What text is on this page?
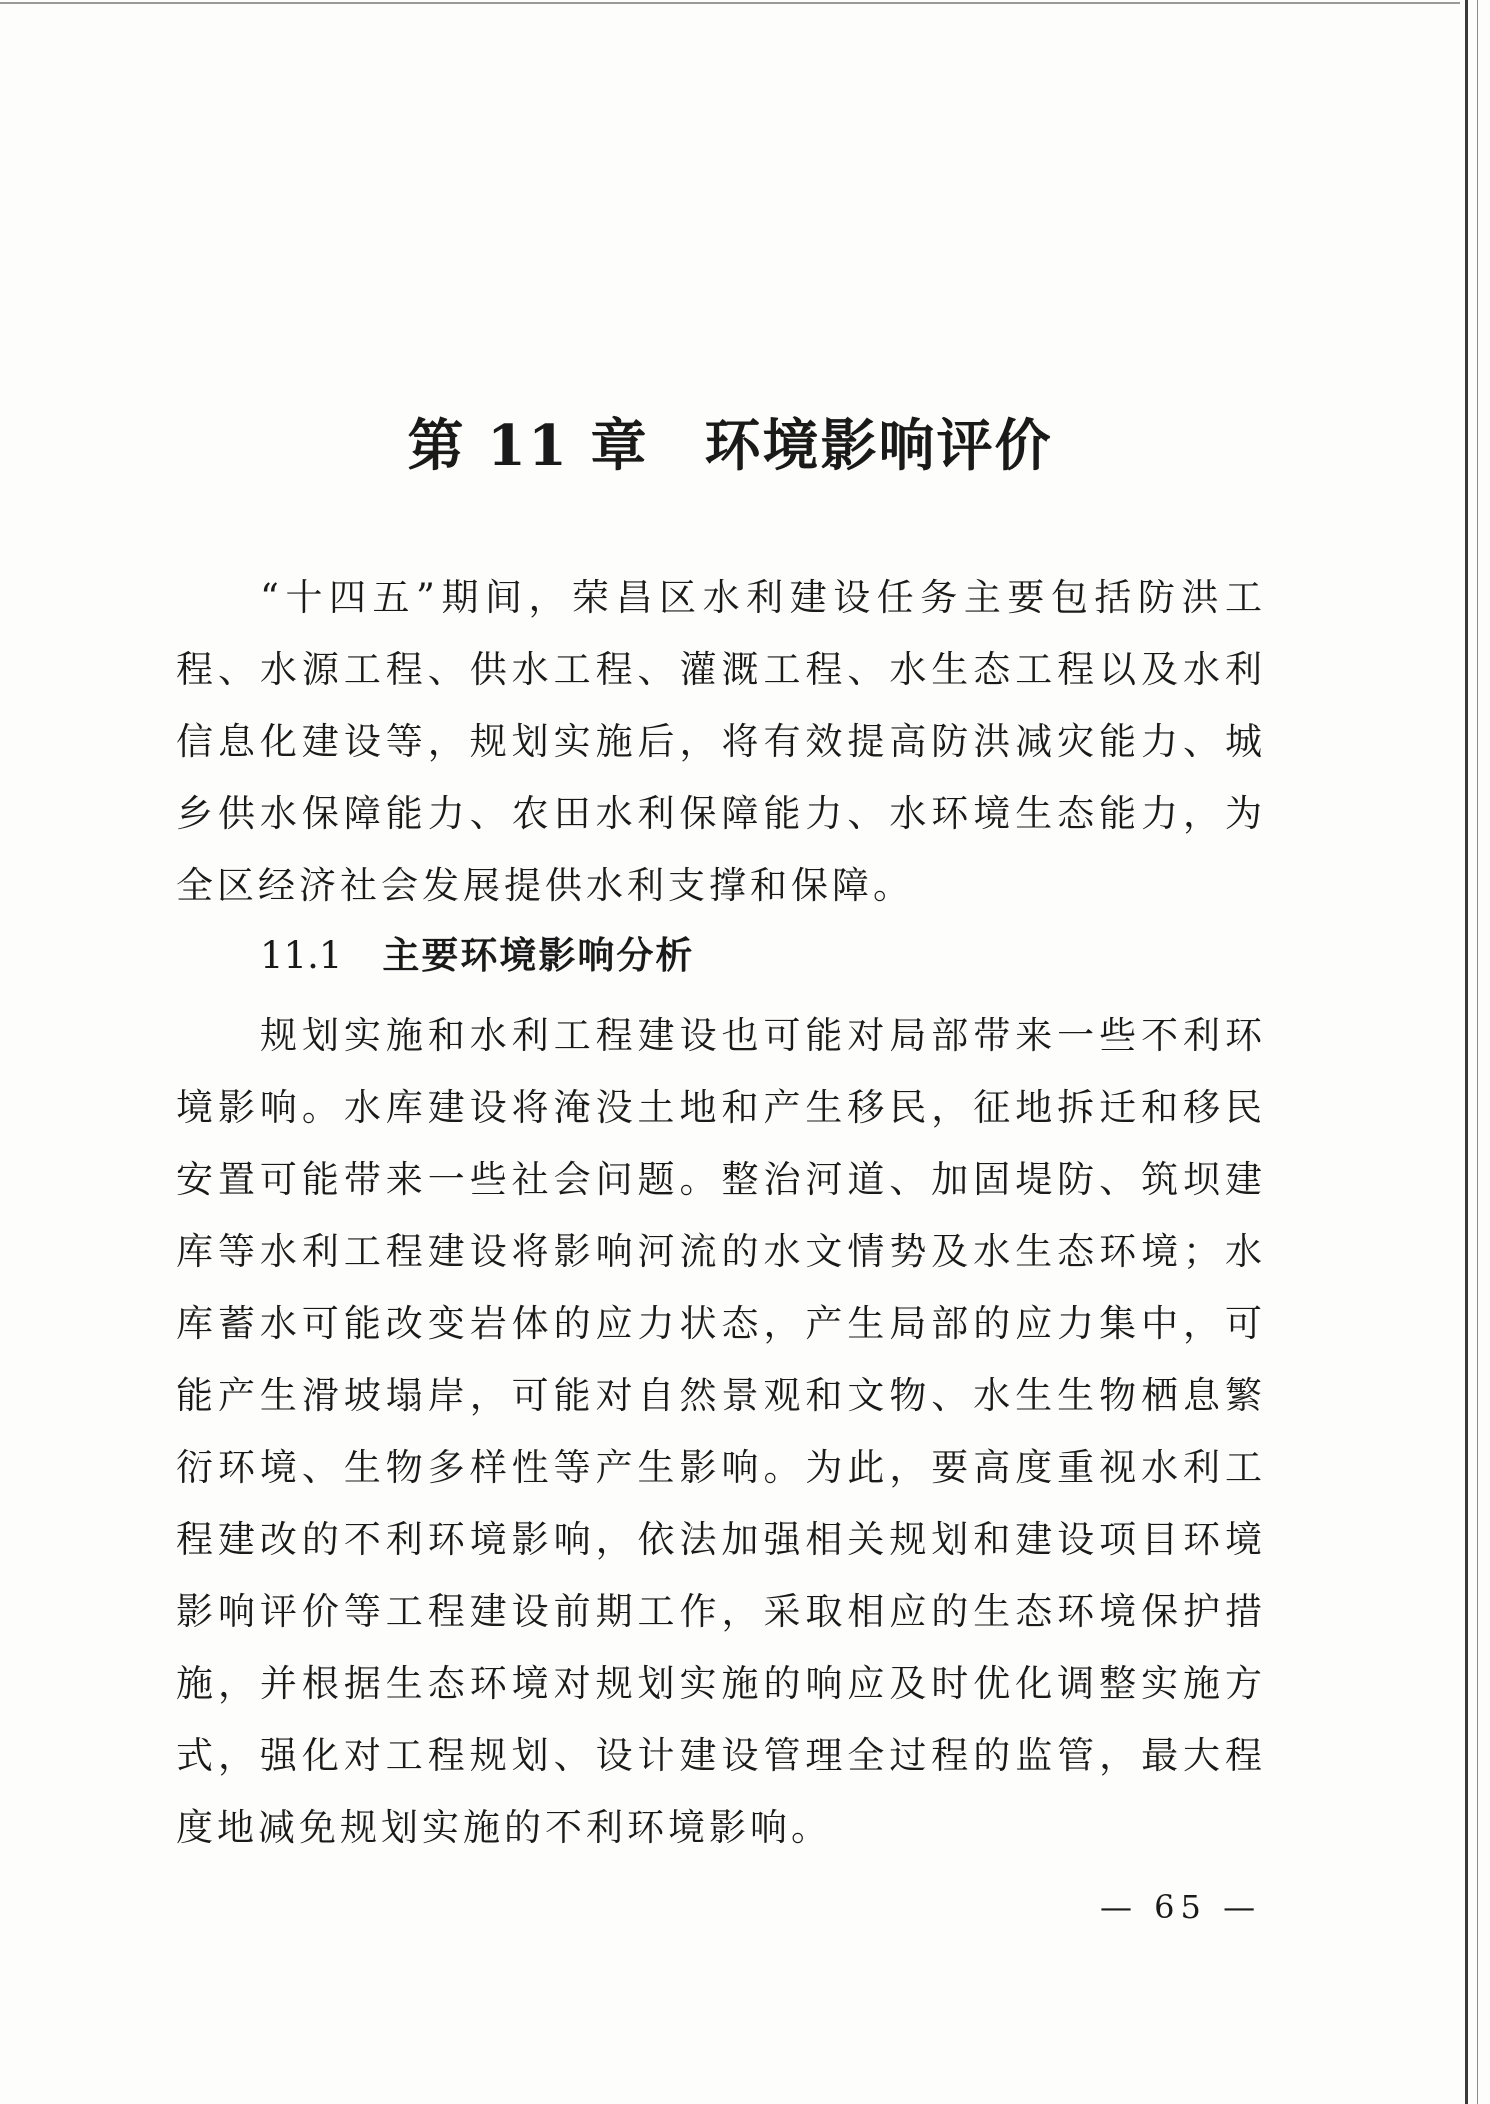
第 11 章 环境影响评价

“十四五”期间，荣昌区水利建设任务主要包括防洪工程、水源工程、供水工程、灌溉工程、水生态工程以及水利信息化建设等，规划实施后，将有效提高防洪减灾能力、城乡供水保障能力、农田水利保障能力、水环境生态能力，为全区经济社会发展提供水利支撑和保障。

11.1 主要环境影响分析

规划实施和水利工程建设也可能对局部带来一些不利环境影响。水库建设将淹没土地和产生移民，征地拆迁和移民安置可能带来一些社会问题。整治河道、加固堤防、筑坝建库等水利工程建设将影响河流的水文情势及水生态环境；水库蓄水可能改变岩体的应力状态，产生局部的应力集中，可能产生滑坡塌岸，可能对自然景观和文物、水生生物栖息繁衍环境、生物多样性等产生影响。为此，要高度重视水利工程建改的不利环境影响，依法加强相关规划和建设项目环境影响评价等工程建设前期工作，采取相应的生态环境保护措施，并根据生态环境对规划实施的响应及时优化调整实施方式，强化对工程规划、设计建设管理全过程的监管，最大程度地减免规划实施的不利环境影响。

— 65 —
